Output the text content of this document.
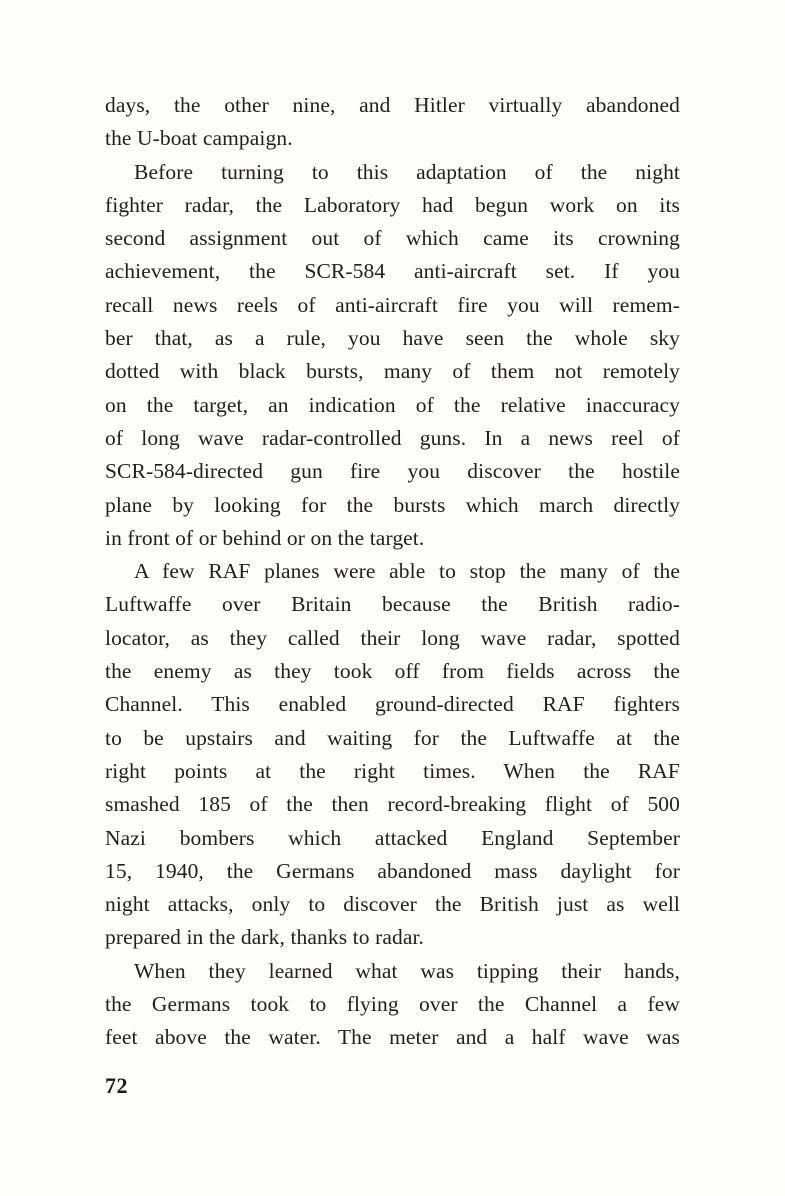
days, the other nine, and Hitler virtually abandoned
the U-boat campaign.
Before turning to this adaptation of the night
fighter radar, the Laboratory had begun work on its
second assignment out of which came its crowning
achievement, the SCR-584 anti-aircraft set. If you
recall news reels of anti-aircraft fire you will remem-
ber that, as a rule, you have seen the whole sky
dotted with black bursts, many of them not remotely
on the target, an indication of the relative inaccuracy
of long wave radar-controlled guns. In a news reel of
SCR-584-directed gun fire you discover the hostile
plane by looking for the bursts which march directly
in front of or behind or on the target.
A few RAF planes were able to stop the many of the
Luftwaffe over Britain because the British radio-
locator, as they called their long wave radar, spotted
the enemy as they took off from fields across the
Channel. This enabled ground-directed RAF fighters
to be upstairs and waiting for the Luftwaffe at the
right points at the right times. When the RAF
smashed 185 of the then record-breaking flight of 500
Nazi bombers which attacked England September
15, 1940, the Germans abandoned mass daylight for
night attacks, only to discover the British just as well
prepared in the dark, thanks to radar.
When they learned what was tipping their hands,
the Germans took to flying over the Channel a few
feet above the water. The meter and a half wave was
72
